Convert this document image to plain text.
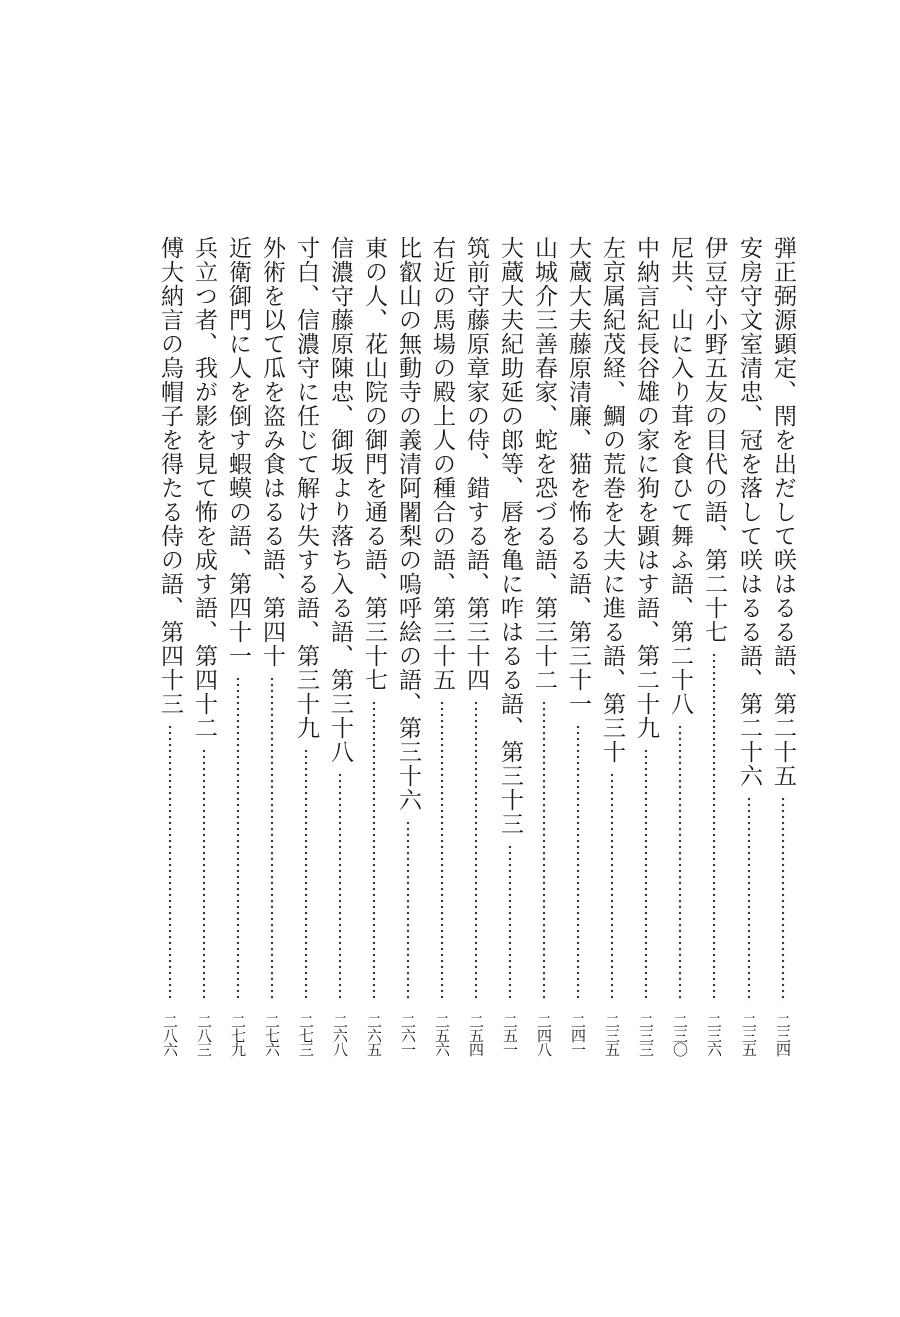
弾正弼源顕定、閇を出だして咲はるる語、第二十五
二三四
安房守文室清忠、冠を落して咲はるる語、第二十六
二三五
伊豆守小野五友の目代の語、第二十七
二三六
尼共、山に入り茸を食ひて舞ふ語、第二十八
二三〇
中納言紀長谷雄の家に狗を顕はす語、第二十九
二三三
左京属紀茂経、鯛の荒巻を大夫に進る語、第三十
二三五
大蔵大夫藤原清廉、猫を怖るる語、第三十一
二四一
山城介三善春家、蛇を恐づる語、第三十二
二四八
大蔵大夫紀助延の郎等、唇を亀に咋はるる語、第三十三
二五一
筑前守藤原章家の侍、錯する語、第三十四
二五四
右近の馬場の殿上人の種合の語、第三十五
二五六
比叡山の無動寺の義清阿闍梨の嗚呼絵の語、第三十六
二六一
東の人、花山院の御門を通る語、第三十七
二六五
信濃守藤原陳忠、御坂より落ち入る語、第三十八
二六八
寸白、信濃守に任じて解け失する語、第三十九
二七三
外術を以て瓜を盗み食はるる語、第四十
二七六
近衛御門に人を倒す蝦蟆の語、第四十一
二七九
兵立つ者、我が影を見て怖を成す語、第四十二
二八三
傅大納言の烏帽子を得たる侍の語、第四十三
二八六
